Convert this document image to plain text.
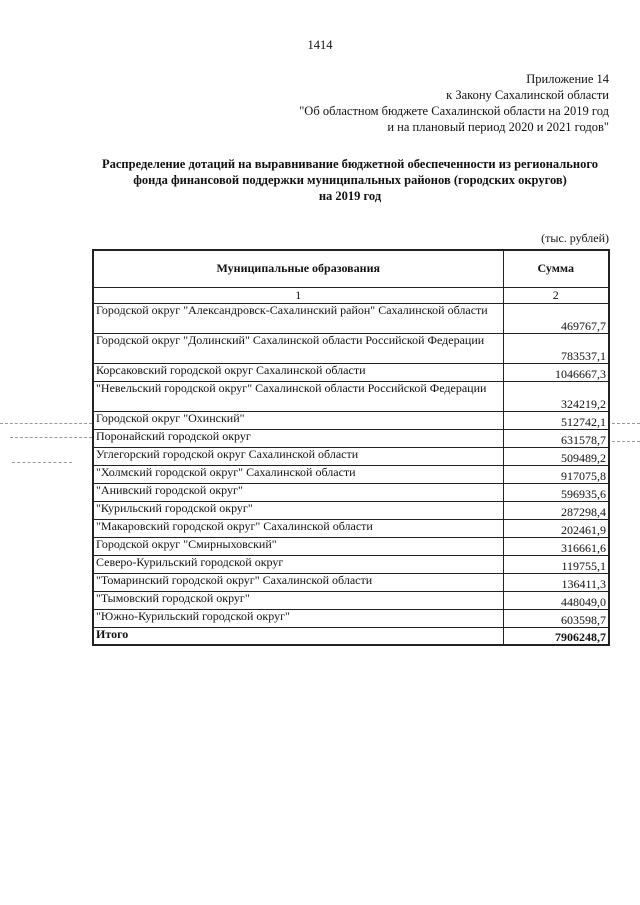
1414
Приложение 14
к Закону Сахалинской области
"Об областном бюджете Сахалинской области на 2019 год
и на плановый период 2020 и 2021 годов"
Распределение дотаций на выравнивание бюджетной обеспеченности из регионального
фонда финансовой поддержки муниципальных районов (городских округов)
на 2019 год
(тыс. рублей)
Муниципальные образования	Сумма
1	2
Городской округ "Александровск-Сахалинский район" Сахалинской области	469767,7
Городской округ "Долинский" Сахалинской области Российской Федерации	783537,1
Корсаковский городской округ Сахалинской области	1046667,3
"Невельский городской округ" Сахалинской области Российской Федерации	324219,2
Городской округ "Охинский"	512742,1
Поронайский городской округ	631578,7
Углегорский городской округ Сахалинской области	509489,2
"Холмский городской округ" Сахалинской области	917075,8
"Анивский городской округ"	596935,6
"Курильский городской округ"	287298,4
"Макаровский городской округ" Сахалинской области	202461,9
Городской округ "Смирныховский"	316661,6
Северо-Курильский городской округ	119755,1
"Томаринский городской округ" Сахалинской области	136411,3
"Тымовский городской округ"	448049,0
"Южно-Курильский городской округ"	603598,7
Итого	7906248,7
